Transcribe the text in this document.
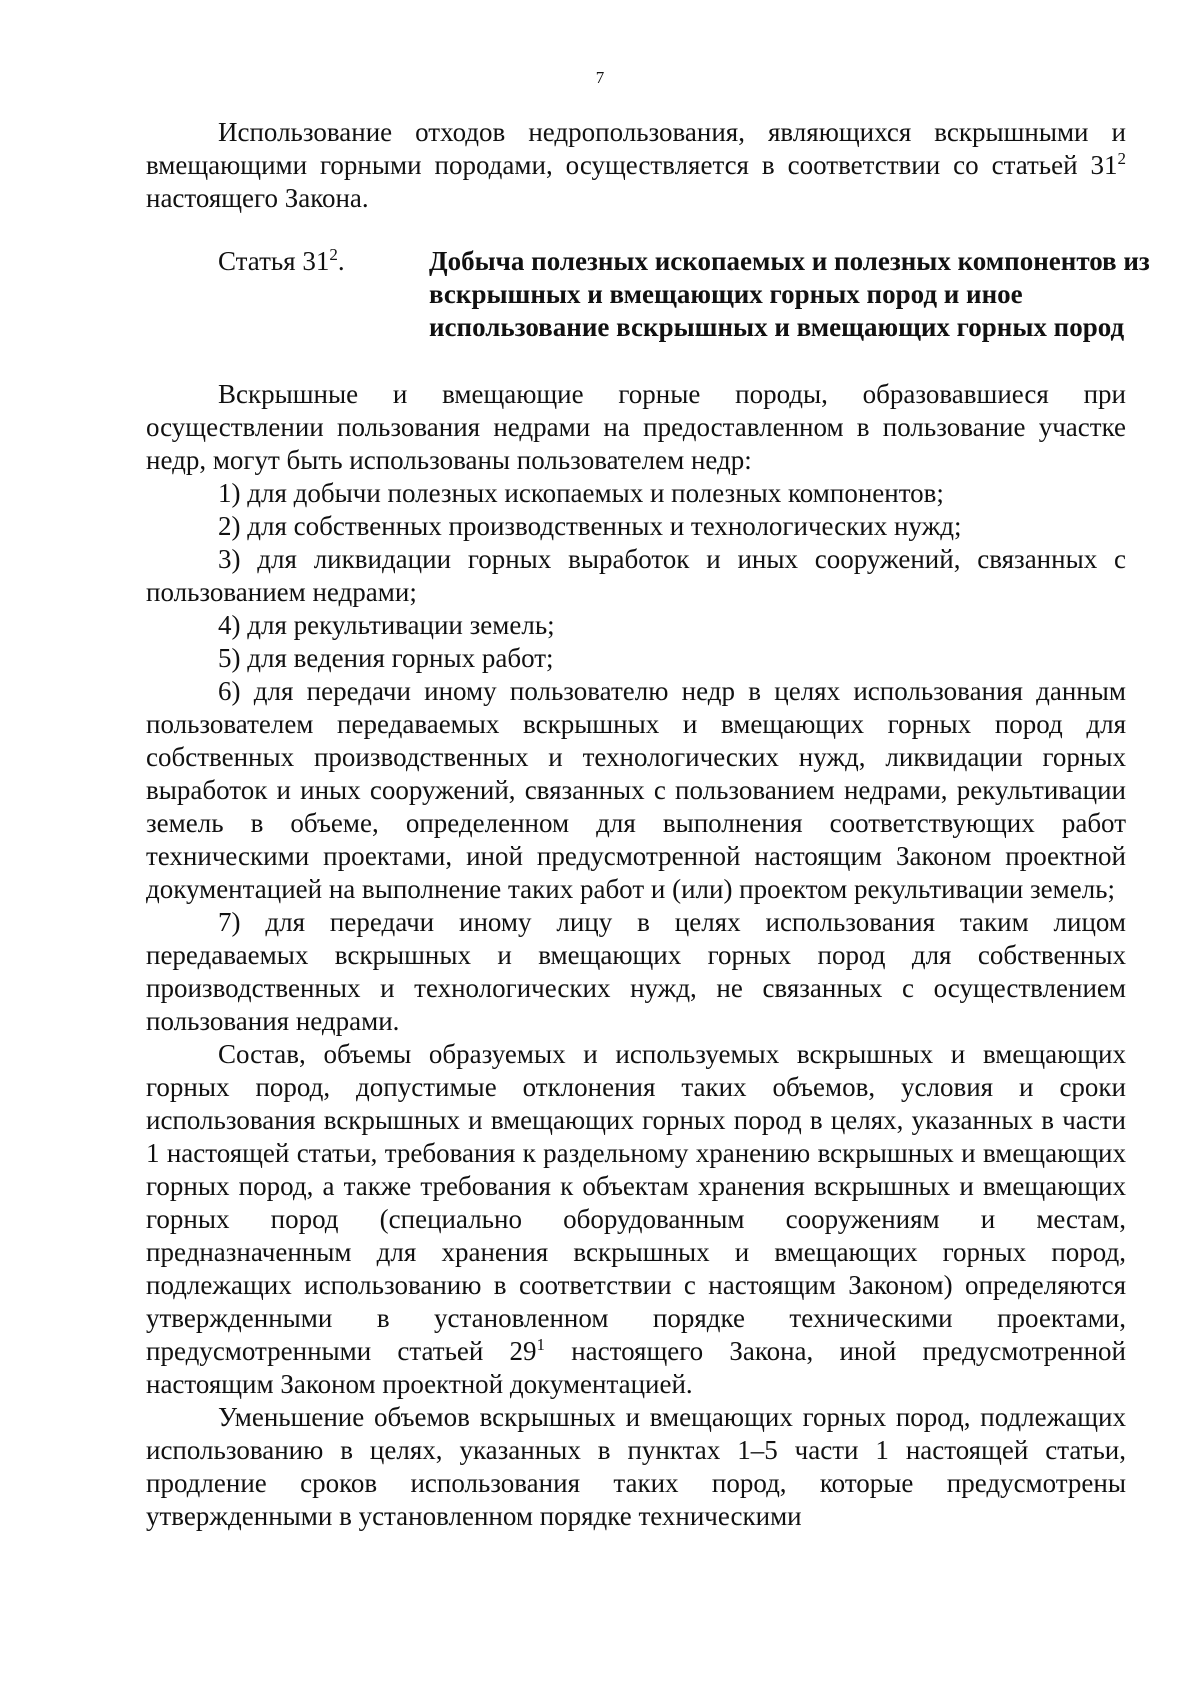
7

Использование отходов недропользования, являющихся вскрышными и вмещающими горными породами, осуществляется в соответствии со статьей $31^2$ настоящего Закона.

Статья $31^2$.	Добыча полезных ископаемых и полезных компонентов из
вскрышных и вмещающих горных пород и иное
использование вскрышных и вмещающих горных пород

Вскрышные и вмещающие горные породы, образовавшиеся при осуществлении пользования недрами на предоставленном в пользование участке недр, могут быть использованы пользователем недр:

1) для добычи полезных ископаемых и полезных компонентов;

2) для собственных производственных и технологических нужд;

3) для ликвидации горных выработок и иных сооружений, связанных с пользованием недрами;

4) для рекультивации земель;

5) для ведения горных работ;

6) для передачи иному пользователю недр в целях использования данным пользователем передаваемых вскрышных и вмещающих горных пород для собственных производственных и технологических нужд, ликвидации горных выработок и иных сооружений, связанных с пользованием недрами, рекультивации земель в объеме, определенном для выполнения соответствующих работ техническими проектами, иной предусмотренной настоящим Законом проектной документацией на выполнение таких работ и (или) проектом рекультивации земель;

7) для передачи иному лицу в целях использования таким лицом передаваемых вскрышных и вмещающих горных пород для собственных производственных и технологических нужд, не связанных с осуществлением пользования недрами.

Состав, объемы образуемых и используемых вскрышных и вмещающих горных пород, допустимые отклонения таких объемов, условия и сроки использования вскрышных и вмещающих горных пород в целях, указанных в части 1 настоящей статьи, требования к раздельному хранению вскрышных и вмещающих горных пород, а также требования к объектам хранения вскрышных и вмещающих горных пород (специально оборудованным сооружениям и местам, предназначенным для хранения вскрышных и вмещающих горных пород, подлежащих использованию в соответствии с настоящим Законом) определяются утвержденными в установленном порядке техническими проектами, предусмотренными статьей $29^1$ настоящего Закона, иной предусмотренной настоящим Законом проектной документацией.

Уменьшение объемов вскрышных и вмещающих горных пород, подлежащих использованию в целях, указанных в пунктах 1–5 части 1 настоящей статьи, продление сроков использования таких пород, которые предусмотрены утвержденными в установленном порядке техническими
